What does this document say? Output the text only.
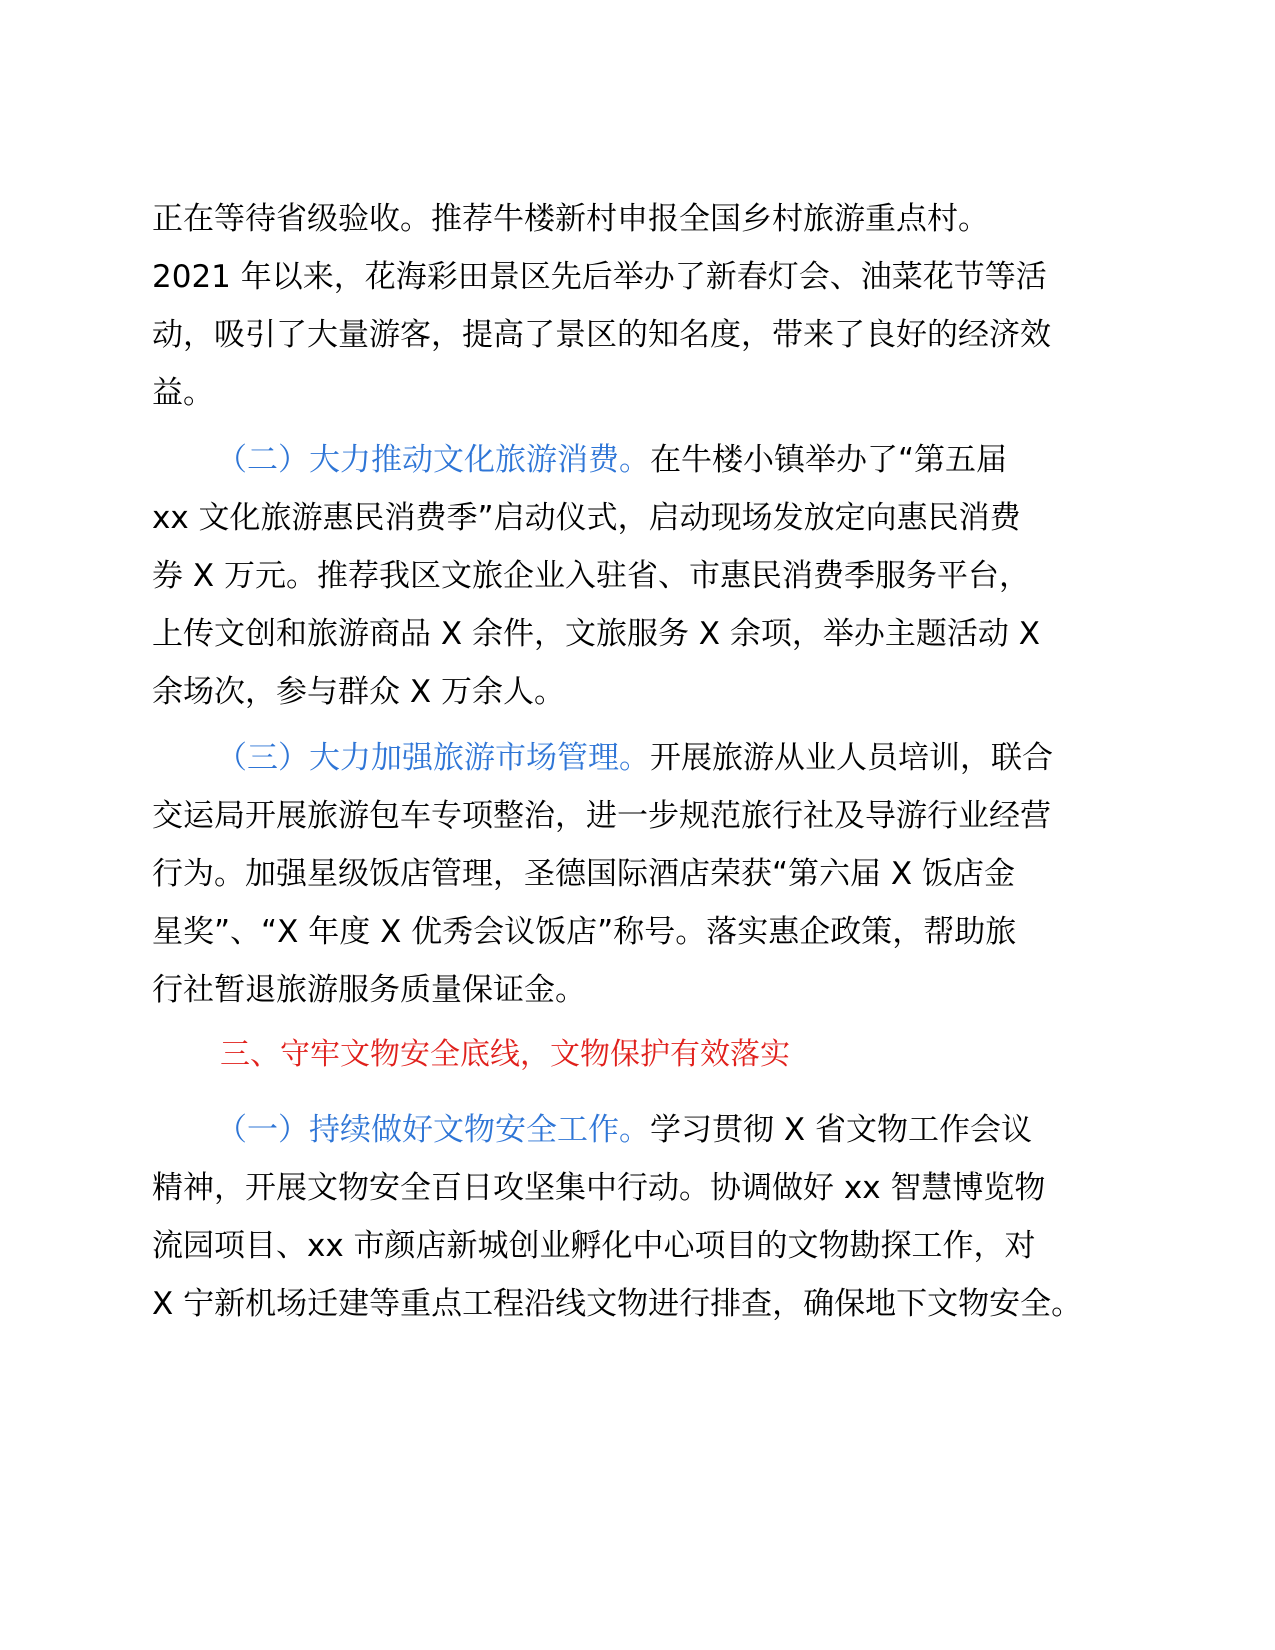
正在等待省级验收。推荐牛楼新村申报全国乡村旅游重点村。
2021 年以来，花海彩田景区先后举办了新春灯会、油菜花节等活
动，吸引了大量游客，提高了景区的知名度，带来了良好的经济效
益。
（二）大力推动文化旅游消费。在牛楼小镇举办了“第五届
xx 文化旅游惠民消费季”启动仪式，启动现场发放定向惠民消费
券 X 万元。推荐我区文旅企业入驻省、市惠民消费季服务平台，
上传文创和旅游商品 X 余件，文旅服务 X 余项，举办主题活动 X
余场次，参与群众 X 万余人。
（三）大力加强旅游市场管理。开展旅游从业人员培训，联合
交运局开展旅游包车专项整治，进一步规范旅行社及导游行业经营
行为。加强星级饭店管理，圣德国际酒店荣获“第六届 X 饭店金
星奖”、“X 年度 X 优秀会议饭店”称号。落实惠企政策，帮助旅
行社暂退旅游服务质量保证金。
三、守牢文物安全底线，文物保护有效落实
（一）持续做好文物安全工作。学习贯彻 X 省文物工作会议
精神，开展文物安全百日攻坚集中行动。协调做好 xx 智慧博览物
流园项目、xx 市颜店新城创业孵化中心项目的文物勘探工作，对
X 宁新机场迁建等重点工程沿线文物进行排查，确保地下文物安全。
